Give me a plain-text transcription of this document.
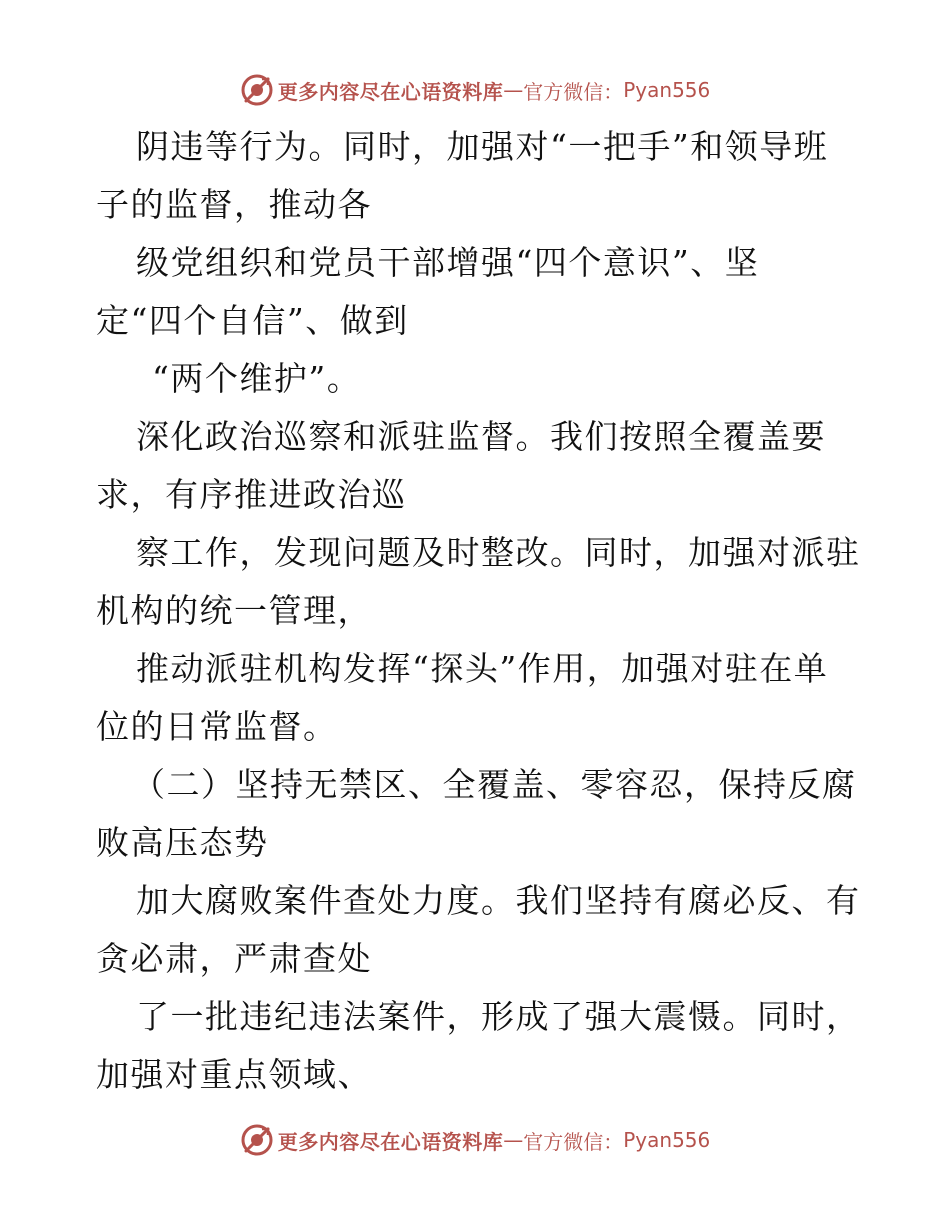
更多内容尽在心语资料库 — 官方微信： Pyan556
阴违等行为。同时，加强对“一把手”和领导班
子的监督，推动各
级党组织和党员干部增强“四个意识”、坚
定“四个自信”、做到
“两个维护”。
深化政治巡察和派驻监督。我们按照全覆盖要
求，有序推进政治巡
察工作，发现问题及时整改。同时，加强对派驻
机构的统一管理，
推动派驻机构发挥“探头”作用，加强对驻在单
位的日常监督。
（二）坚持无禁区、全覆盖、零容忍，保持反腐
败高压态势
加大腐败案件查处力度。我们坚持有腐必反、有
贪必肃，严肃查处
了一批违纪违法案件，形成了强大震慑。同时，
加强对重点领域、
更多内容尽在心语资料库 — 官方微信： Pyan556
